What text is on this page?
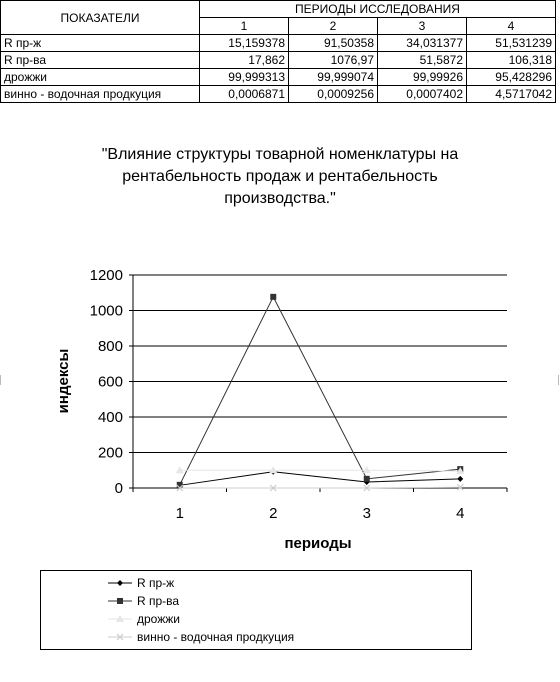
ПОКАЗАТЕЛИ	ПЕРИОДЫ ИССЛЕДОВАНИЯ			
	1	2	3	4
R пр-ж	15,159378	91,50358	34,031377	51,531239
R пр-ва	17,862	1076,97	51,5872	106,318
дрожжи	99,999313	99,999074	99,99926	95,428296
винно - водочная продкуция	0,0006871	0,0009256	0,0007402	4,5717042
"Влияние структуры товарной номенклатуры на
рентабельность продаж и рентабельность
производства."
0
200
400
600
800
1000
1200
1	2	3	4
периоды
индексы
R пр-ж
R пр-ва
дрожжи
винно - водочная продкуция
